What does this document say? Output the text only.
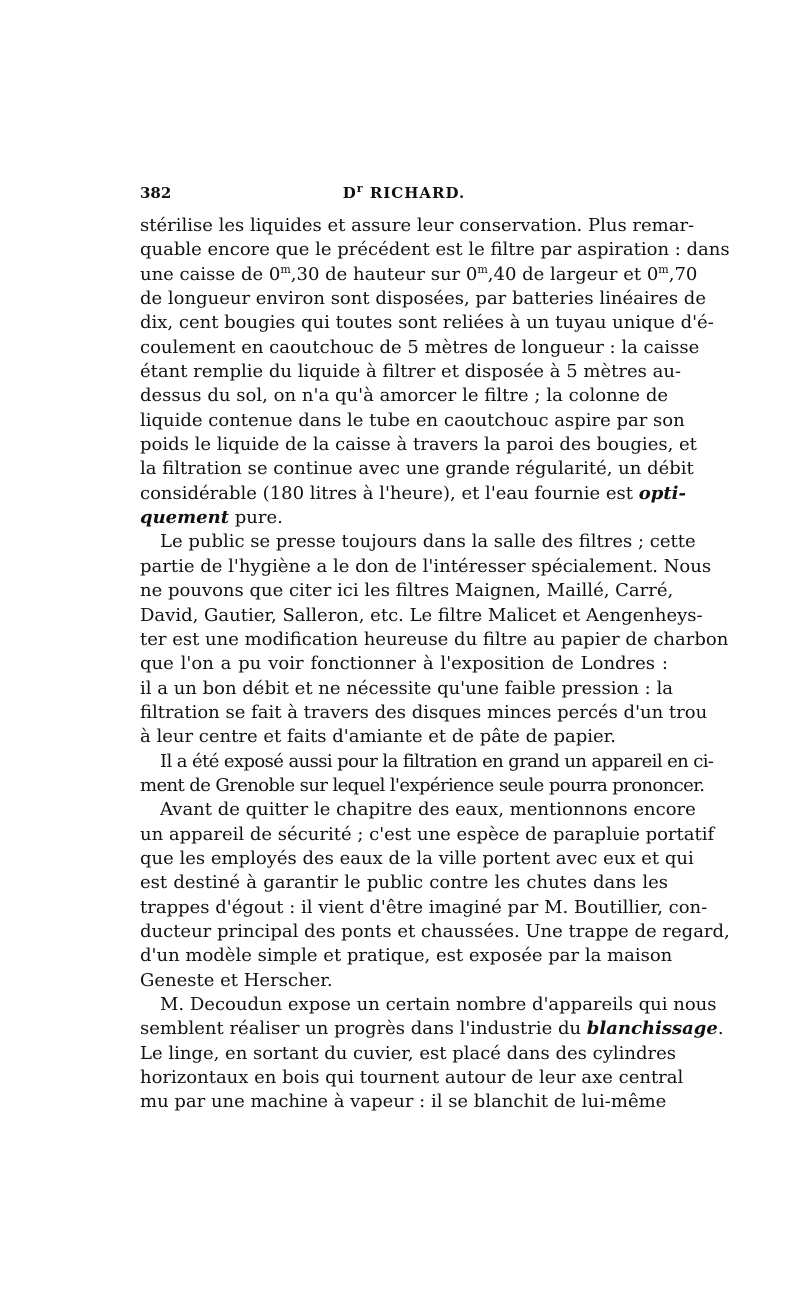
382	$D^r$ RICHARD.
stérilise les liquides et assure leur conservation. Plus remar-
quable encore que le précédent est le filtre par aspiration : dans
une caisse de 0$^m$,30 de hauteur sur 0$^m$,40 de largeur et 0$^m$,70
de longueur environ sont disposées, par batteries linéaires de
dix, cent bougies qui toutes sont reliées à un tuyau unique d'é-
coulement en caoutchouc de 5 mètres de longueur : la caisse
étant remplie du liquide à filtrer et disposée à 5 mètres au-
dessus du sol, on n'a qu'à amorcer le filtre ; la colonne de
liquide contenue dans le tube en caoutchouc aspire par son
poids le liquide de la caisse à travers la paroi des bougies, et
la filtration se continue avec une grande régularité, un débit
considérable (180 litres à l'heure), et l'eau fournie est opti-
quement pure.
Le public se presse toujours dans la salle des filtres ; cette
partie de l'hygiène a le don de l'intéresser spécialement. Nous
ne pouvons que citer ici les filtres Maignen, Maillé, Carré,
David, Gautier, Salleron, etc. Le filtre Malicet et Aengenheys-
ter est une modification heureuse du filtre au papier de charbon
que l'on a pu voir fonctionner à l'exposition de Londres :
il a un bon débit et ne nécessite qu'une faible pression : la
filtration se fait à travers des disques minces percés d'un trou
à leur centre et faits d'amiante et de pâte de papier.
Il a été exposé aussi pour la filtration en grand un appareil en ci-
ment de Grenoble sur lequel l'expérience seule pourra prononcer.
Avant de quitter le chapitre des eaux, mentionnons encore
un appareil de sécurité ; c'est une espèce de parapluie portatif
que les employés des eaux de la ville portent avec eux et qui
est destiné à garantir le public contre les chutes dans les
trappes d'égout : il vient d'être imaginé par M. Boutillier, con-
ducteur principal des ponts et chaussées. Une trappe de regard,
d'un modèle simple et pratique, est exposée par la maison
Geneste et Herscher.
M. Decoudun expose un certain nombre d'appareils qui nous
semblent réaliser un progrès dans l'industrie du blanchissage.
Le linge, en sortant du cuvier, est placé dans des cylindres
horizontaux en bois qui tournent autour de leur axe central
mu par une machine à vapeur : il se blanchit de lui-même
